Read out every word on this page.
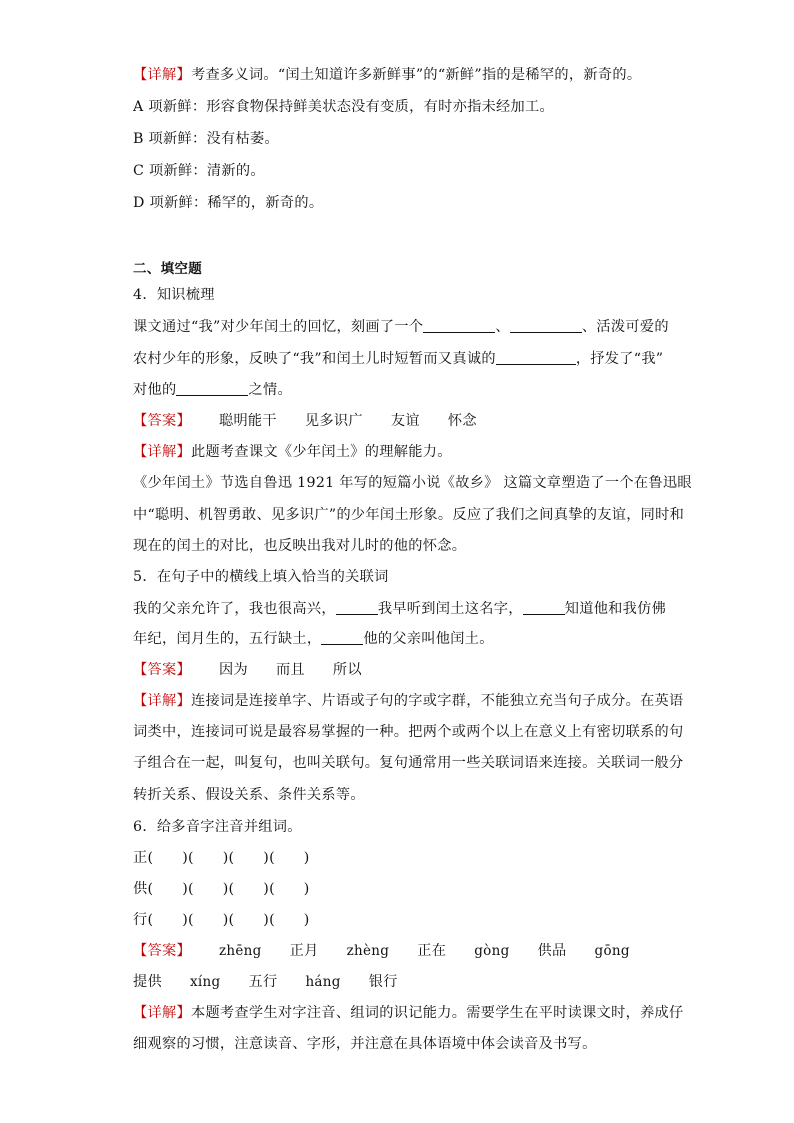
【详解】考查多义词。“闰土知道许多新鲜事”的“新鲜”指的是稀罕的，新奇的。
A 项新鲜：形容食物保持鲜美状态没有变质，有时亦指未经加工。
B 项新鲜：没有枯萎。
C 项新鲜：清新的。
D 项新鲜：稀罕的，新奇的。
二、填空题
4．知识梳理
课文通过“我”对少年闰土的回忆，刻画了一个	、	、活泼可爱的
农村少年的形象，反映了“我”和闰土儿时短暂而又真诚的	，抒发了“我”
对他的	之情。
【答案】 聪明能干 见多识广 友谊 怀念
【详解】此题考查课文《少年闰土》的理解能力。
《少年闰土》节选自鲁迅 1921 年写的短篇小说《故乡》 这篇文章塑造了一个在鲁迅眼
中“聪明、机智勇敢、见多识广”的少年闰土形象。反应了我们之间真挚的友谊，同时和
现在的闰土的对比，也反映出我对儿时的他的怀念。
5．在句子中的横线上填入恰当的关联词
我的父亲允许了，我也很高兴，	我早听到闰土这名字，	知道他和我仿佛
年纪，闰月生的，五行缺土，	他的父亲叫他闰土。
【答案】 因为 而且 所以
【详解】连接词是连接单字、片语或子句的字或字群，不能独立充当句子成分。在英语
词类中，连接词可说是最容易掌握的一种。把两个或两个以上在意义上有密切联系的句
子组合在一起，叫复句，也叫关联句。复句通常用一些关联词语来连接。关联词一般分
转折关系、假设关系、条件关系等。
6．给多音字注音并组词。
正(      )(      )(      )(      )
供(      )(      )(      )(      )
行(      )(      )(      )(      )
【答案】 zhēng 正月 zhèng 正在 gòng 供品 gōng
提供 xíng 五行 háng 银行
【详解】本题考查学生对字注音、组词的识记能力。需要学生在平时读课文时，养成仔
细观察的习惯，注意读音、字形，并注意在具体语境中体会读音及书写。
